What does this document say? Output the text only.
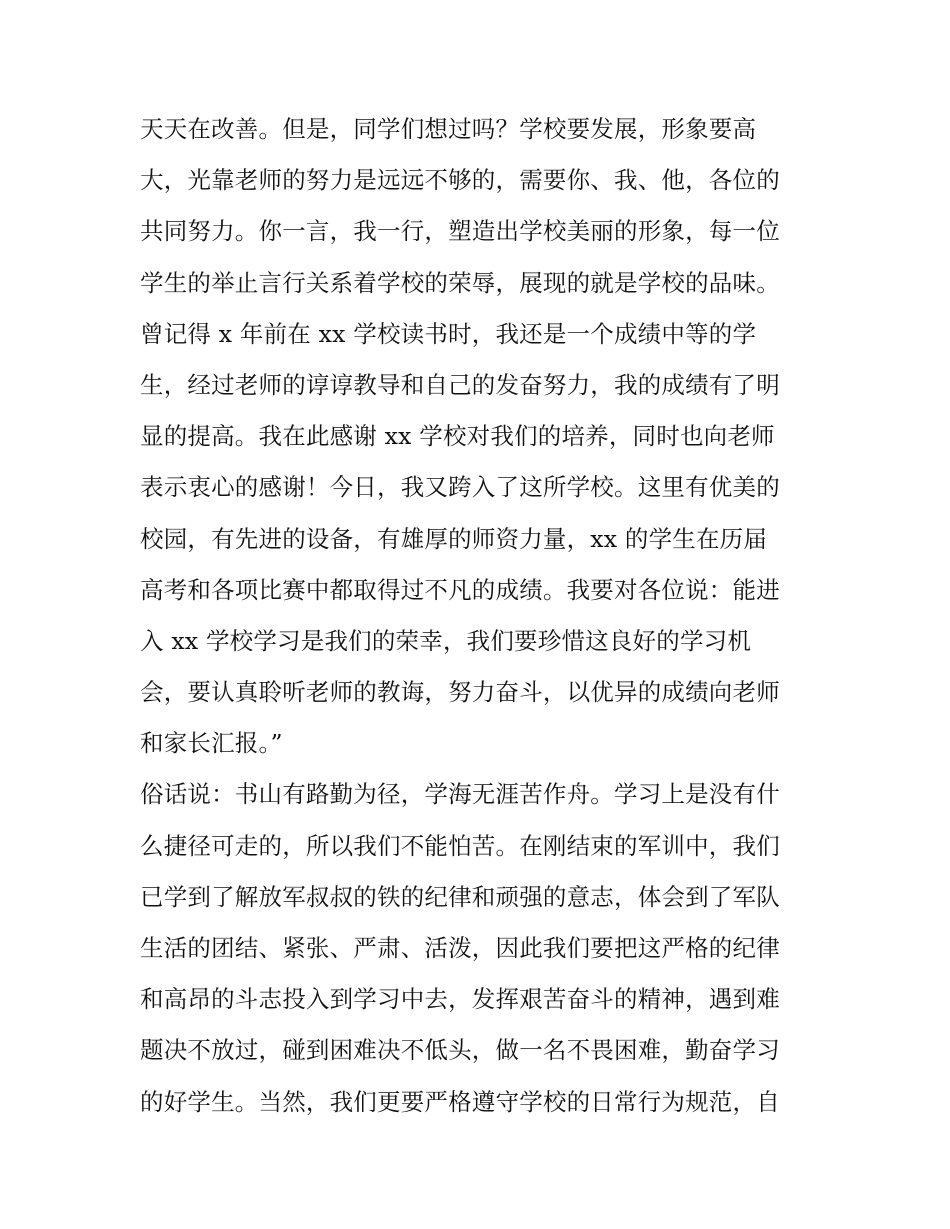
天天在改善。但是，同学们想过吗？学校要发展，形象要高
大，光靠老师的努力是远远不够的，需要你、我、他，各位的
共同努力。你一言，我一行，塑造出学校美丽的形象，每一位
学生的举止言行关系着学校的荣辱，展现的就是学校的品味。
曾记得 x 年前在 xx 学校读书时，我还是一个成绩中等的学
生，经过老师的谆谆教导和自己的发奋努力，我的成绩有了明
显的提高。我在此感谢 xx 学校对我们的培养，同时也向老师
表示衷心的感谢！今日，我又跨入了这所学校。这里有优美的
校园，有先进的设备，有雄厚的师资力量，xx 的学生在历届
高考和各项比赛中都取得过不凡的成绩。我要对各位说：能进
入 xx 学校学习是我们的荣幸，我们要珍惜这良好的学习机
会，要认真聆听老师的教诲，努力奋斗，以优异的成绩向老师
和家长汇报。”
俗话说：书山有路勤为径，学海无涯苦作舟。学习上是没有什
么捷径可走的，所以我们不能怕苦。在刚结束的军训中，我们
已学到了解放军叔叔的铁的纪律和顽强的意志，体会到了军队
生活的团结、紧张、严肃、活泼，因此我们要把这严格的纪律
和高昂的斗志投入到学习中去，发挥艰苦奋斗的精神，遇到难
题决不放过，碰到困难决不低头，做一名不畏困难，勤奋学习
的好学生。当然，我们更要严格遵守学校的日常行为规范，自
